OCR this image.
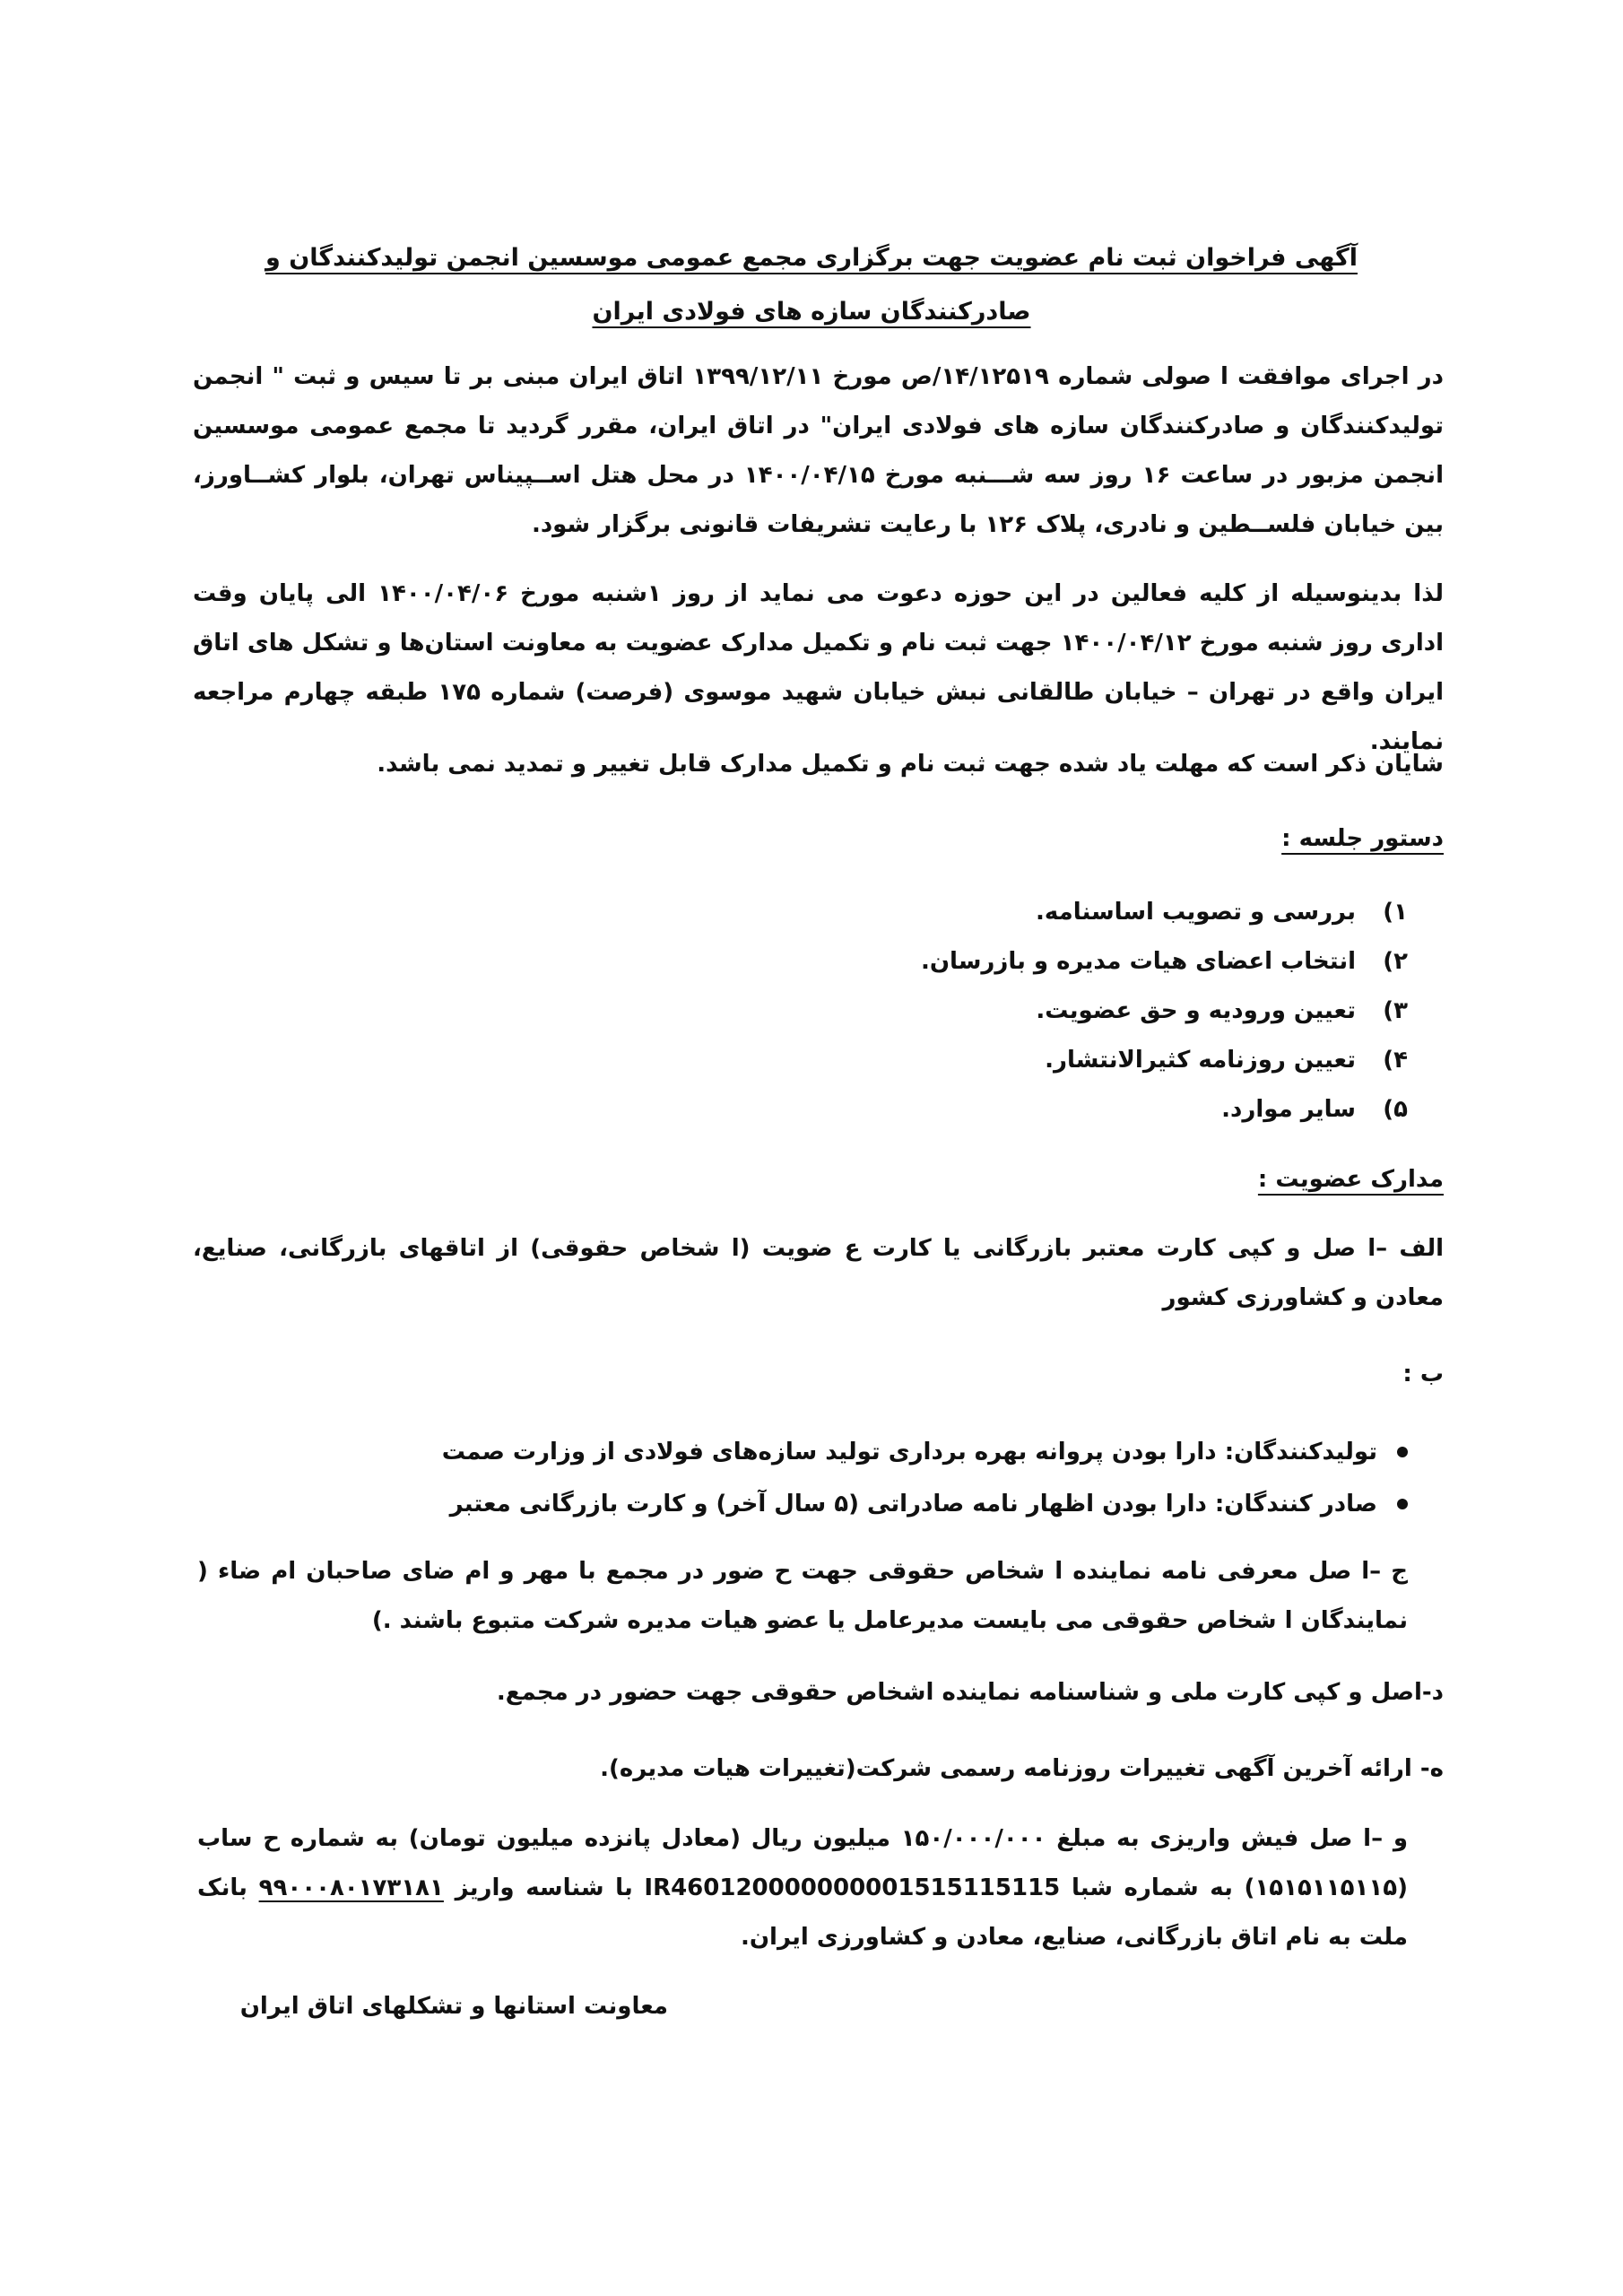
آگهی فراخوان ثبت نام عضویت جهت برگزاری مجمع عمومی موسسین انجمن تولیدکنندگان و صادرکنندگان سازه های فولادی ایران

در اجرای موافقت ا صولی شماره ۱۴/۱۲۵۱۹/ص مورخ ۱۳۹۹/۱۲/۱۱ اتاق ایران مبنی بر تا سیس و ثبت " انجمن تولیدکنندگان و صادرکنندگان سازه های فولادی ایران" در اتاق ایران، مقرر گردید تا مجمع عمومی موسسین انجمن مزبور در ساعت ۱۶ روز سه شـــنبه مورخ ۱۴۰۰/۰۴/۱۵ در محل هتل اســپیناس تهران، بلوار کشــاورز، بین خیابان فلســطین و نادری، پلاک ۱۲۶ با رعایت تشریفات قانونی برگزار شود.

لذا بدینوسیله از کلیه فعالین در این حوزه دعوت می نماید از روز ۱شنبه مورخ ۱۴۰۰/۰۴/۰۶ الی پایان وقت اداری روز شنبه مورخ ۱۴۰۰/۰۴/۱۲ جهت ثبت نام و تکمیل مدارک عضویت به معاونت استان‌ها و تشکل های اتاق ایران واقع در تهران – خیابان طالقانی نبش خیابان شهید موسوی (فرصت) شماره ۱۷۵ طبقه چهارم مراجعه نمایند.

شایان ذکر است که مهلت یاد شده جهت ثبت نام و تکمیل مدارک قابل تغییر و تمدید نمی باشد.

دستور جلسه :
۱)
بررسی و تصویب اساسنامه.
۲)
انتخاب اعضای هیات مدیره و بازرسان.
۳)
تعیین ورودیه و حق عضویت.
۴)
تعیین روزنامه کثیرالانتشار.
۵)
سایر موارد.
مدارک عضویت :

الف –ا صل و کپی کارت معتبر بازرگانی یا کارت ع ضویت (ا شخاص حقوقی) از اتاقهای بازرگانی، صنایع، معادن و کشاورزی کشور

ب :

تولیدکنندگان: دارا بودن پروانه بهره برداری تولید سازه‌های فولادی از وزارت صمت
صادر کنندگان: دارا بودن اظهار نامه صادراتی (۵ سال آخر) و کارت بازرگانی معتبر

ج –ا صل معرفی نامه نماینده ا شخاص حقوقی جهت ح ضور در مجمع با مهر و ام ضای صاحبان ام ضاء ( نمایندگان ا شخاص حقوقی می بایست مدیرعامل یا عضو هیات مدیره شرکت متبوع باشند .)

د-اصل و کپی کارت ملی و شناسنامه نماینده اشخاص حقوقی جهت حضور در مجمع.

ه- ارائه آخرین آگهی تغییرات روزنامه رسمی شرکت(تغییرات هیات مدیره).

و –ا صل فیش واریزی به مبلغ ۱۵۰/۰۰۰/۰۰۰ میلیون ریال (معادل پانزده میلیون تومان) به شماره ح ساب (۱۵۱۵۱۱۵۱۱۵) به شماره شبا IR460120000000001515115115 با شناسه واریز ۹۹۰۰۰۸۰۱۷۳۱۸۱ بانک ملت به نام اتاق بازرگانی، صنایع، معادن و کشاورزی ایران.

معاونت استانها و تشکلهای اتاق ایران
